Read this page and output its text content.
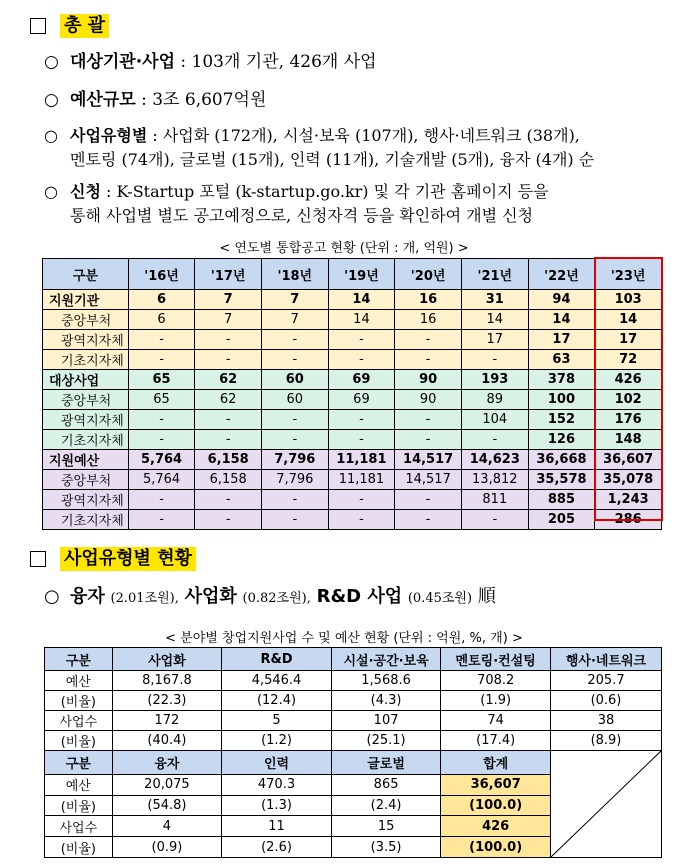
총 괄
○ 대상기관·사업 : 103개 기관, 426개 사업
○ 예산규모 : 3조 6,607억원
○ 사업유형별 : 사업화 (172개), 시설·보육 (107개), 행사·네트워크 (38개),
멘토링 (74개), 글로벌 (15개), 인력 (11개), 기술개발 (5개), 융자 (4개) 순
○ 신청 : K-Startup 포털 (k-startup.go.kr) 및 각 기관 홈페이지 등을
통해 사업별 별도 공고예정으로, 신청자격 등을 확인하여 개별 신청
< 연도별 통합공고 현황 (단위 : 개, 억원) >
구분	'16년	'17년	'18년	'19년	'20년	'21년	'22년	'23년
지원기관	6	7	7	14	16	31	94	103
중앙부처	6	7	7	14	16	14	14	14
광역지자체	-	-	-	-	-	17	17	17
기초지자체	-	-	-	-	-	-	63	72
대상사업	65	62	60	69	90	193	378	426
중앙부처	65	62	60	69	90	89	100	102
광역지자체	-	-	-	-	-	104	152	176
기초지자체	-	-	-	-	-	-	126	148
지원예산	5,764	6,158	7,796	11,181	14,517	14,623	36,668	36,607
중앙부처	5,764	6,158	7,796	11,181	14,517	13,812	35,578	35,078
광역지자체	-	-	-	-	-	811	885	1,243
기초지자체	-	-	-	-	-	-	205	286
사업유형별 현황
○ 융자 (2.01조원), 사업화 (0.82조원), R&D 사업 (0.45조원) 順
< 분야별 창업지원사업 수 및 예산 현황 (단위 : 억원, %, 개) >
구분	사업화	R&D	시설·공간·보육	멘토링·컨설팅	행사·네트워크
예산	8,167.8	4,546.4	1,568.6	708.2	205.7
(비율)	(22.3)	(12.4)	(4.3)	(1.9)	(0.6)
사업수	172	5	107	74	38
(비율)	(40.4)	(1.2)	(25.1)	(17.4)	(8.9)
구분	융자	인력	글로벌	합계	

예산	20,075	470.3	865	36,607	
(비율)	(54.8)	(1.3)	(2.4)	(100.0)	
사업수	4	11	15	426	
(비율)	(0.9)	(2.6)	(3.5)	(100.0)	
